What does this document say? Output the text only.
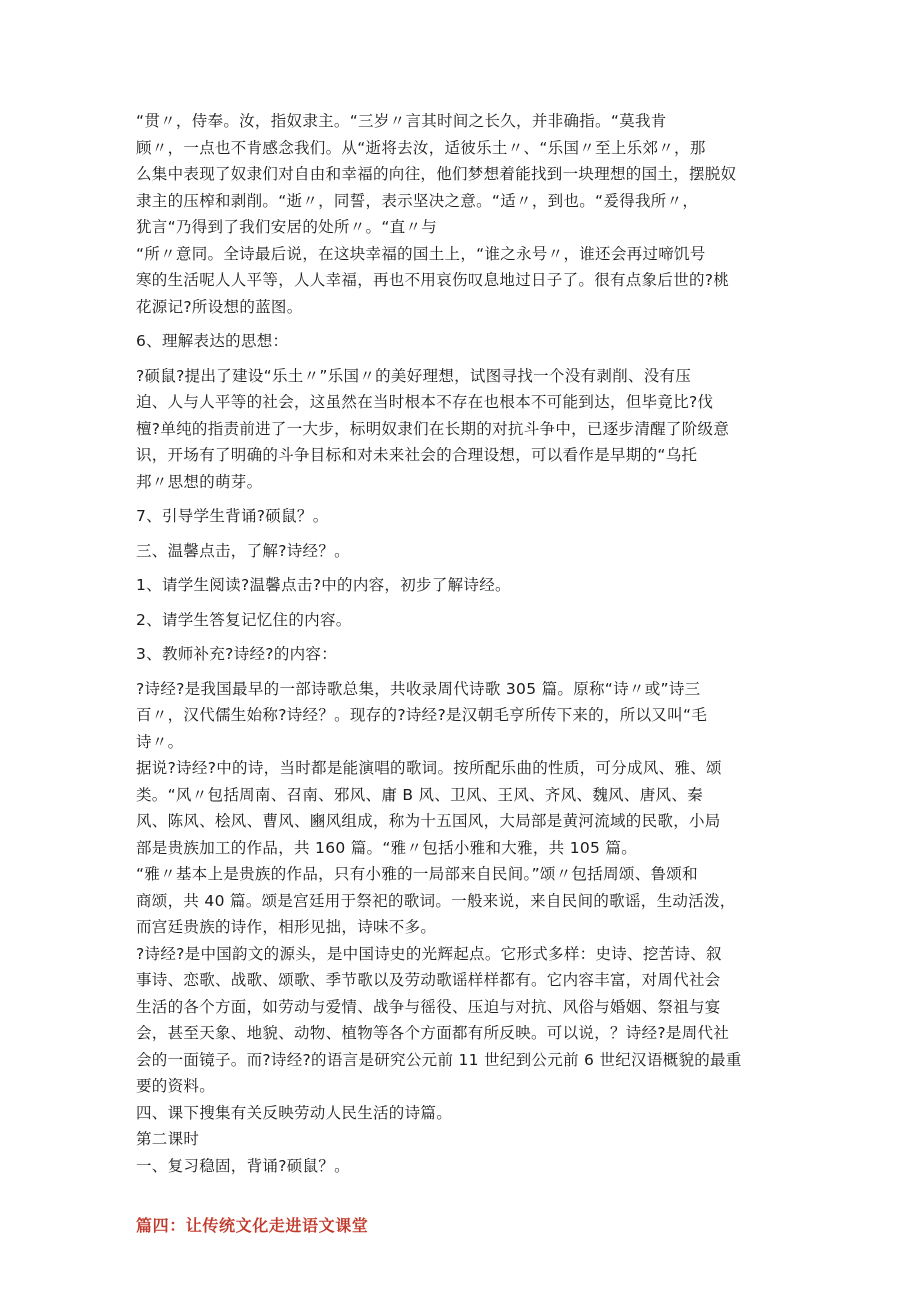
“贯〃，侍奉。汝，指奴隶主。“三岁〃言其时间之长久，并非确指。“莫我肯

顾〃，一点也不肯感念我们。从“逝将去汝，适彼乐土〃、“乐国〃至上乐郊〃，那

么集中表现了奴隶们对自由和幸福的向往，他们梦想着能找到一块理想的国土，摆脱奴

隶主的压榨和剥削。“逝〃，同誓，表示坚决之意。“适〃，到也。“爰得我所〃，

犹言“乃得到了我们安居的处所〃。“直〃与

“所〃意同。全诗最后说，在这块幸福的国土上，“谁之永号〃，谁还会再过啼饥号

寒的生活呢人人平等，人人幸福，再也不用哀伤叹息地过日子了。很有点象后世的?桃

花源记?所设想的蓝图。

6、理解表达的思想：

?硕鼠?提出了建设“乐土〃”乐国〃的美好理想，试图寻找一个没有剥削、没有压

迫、人与人平等的社会，这虽然在当时根本不存在也根本不可能到达，但毕竟比?伐

檀?单纯的指责前进了一大步，标明奴隶们在长期的对抗斗争中，已逐步清醒了阶级意

识，开场有了明确的斗争目标和对未来社会的合理设想，可以看作是早期的“乌托

邦〃思想的萌芽。

7、引导学生背诵?硕鼠？。

三、温馨点击，了解?诗经？。

1、请学生阅读?温馨点击?中的内容，初步了解诗经。

2、请学生答复记忆住的内容。

3、教师补充?诗经?的内容：

?诗经?是我国最早的一部诗歌总集，共收录周代诗歌 305 篇。原称“诗〃或”诗三

百〃，汉代儒生始称?诗经？。现存的?诗经?是汉朝毛亨所传下来的，所以又叫“毛

诗〃。

据说?诗经?中的诗，当时都是能演唱的歌词。按所配乐曲的性质，可分成风、雅、颂

类。“风〃包括周南、召南、邪风、庸 B 风、卫风、王风、齐风、魏风、唐风、秦

风、陈风、桧风、曹风、豳风组成，称为十五国风，大局部是黄河流域的民歌，小局

部是贵族加工的作品，共 160 篇。“雅〃包括小雅和大雅，共 105 篇。

“雅〃基本上是贵族的作品，只有小雅的一局部来自民间。”颂〃包括周颂、鲁颂和

商颂，共 40 篇。颂是宫廷用于祭祀的歌词。一般来说，来自民间的歌谣，生动活泼，

而宫廷贵族的诗作，相形见拙，诗味不多。

?诗经?是中国韵文的源头，是中国诗史的光辉起点。它形式多样：史诗、挖苦诗、叙

事诗、恋歌、战歌、颂歌、季节歌以及劳动歌谣样样都有。它内容丰富，对周代社会

生活的各个方面，如劳动与爱情、战争与徭役、压迫与对抗、风俗与婚姻、祭祖与宴

会，甚至天象、地貌、动物、植物等各个方面都有所反映。可以说，？诗经?是周代社

会的一面镜子。而?诗经?的语言是研究公元前 11 世纪到公元前 6 世纪汉语概貌的最重

要的资料。

四、课下搜集有关反映劳动人民生活的诗篇。

第二课时

一、复习稳固，背诵?硕鼠？。

篇四：让传统文化走进语文课堂
